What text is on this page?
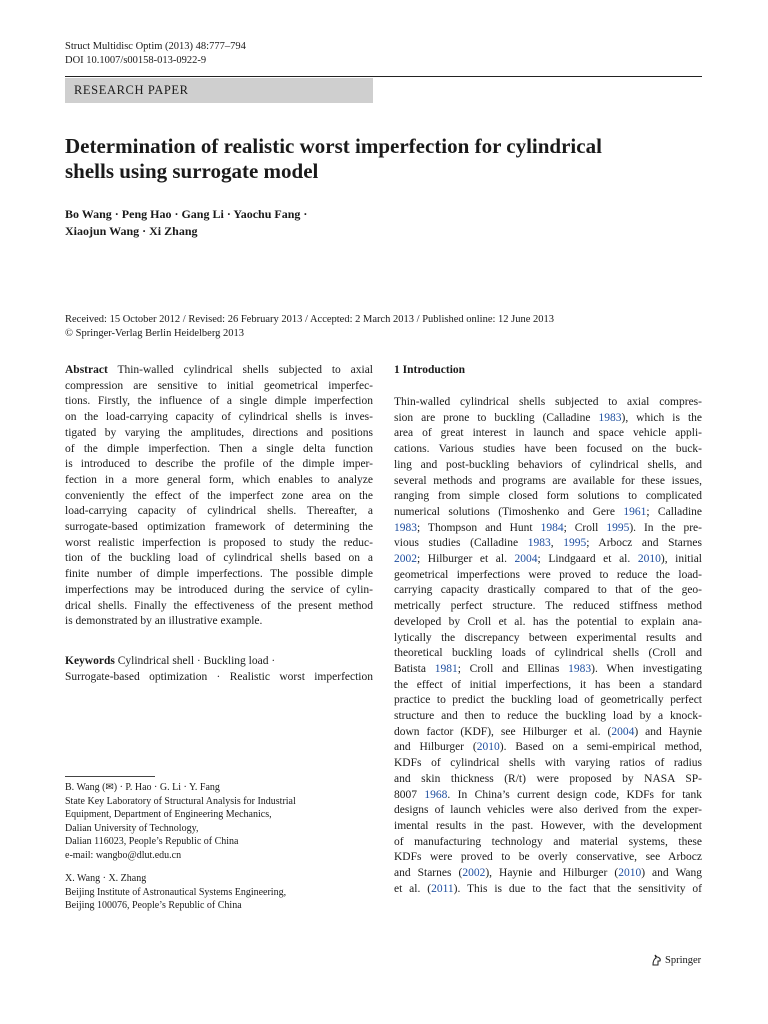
Struct Multidisc Optim (2013) 48:777–794
DOI 10.1007/s00158-013-0922-9
RESEARCH PAPER
Determination of realistic worst imperfection for cylindrical
shells using surrogate model
Bo Wang · Peng Hao · Gang Li · Yaochu Fang ·
Xiaojun Wang · Xi Zhang
Received: 15 October 2012 / Revised: 26 February 2013 / Accepted: 2 March 2013 / Published online: 12 June 2013
© Springer-Verlag Berlin Heidelberg 2013
Abstract Thin-walled cylindrical shells subjected to axial
compression are sensitive to initial geometrical imperfec-
tions. Firstly, the influence of a single dimple imperfection
on the load-carrying capacity of cylindrical shells is inves-
tigated by varying the amplitudes, directions and positions
of the dimple imperfection. Then a single delta function
is introduced to describe the profile of the dimple imper-
fection in a more general form, which enables to analyze
conveniently the effect of the imperfect zone area on the
load-carrying capacity of cylindrical shells. Thereafter, a
surrogate-based optimization framework of determining the
worst realistic imperfection is proposed to study the reduc-
tion of the buckling load of cylindrical shells based on a
finite number of dimple imperfections. The possible dimple
imperfections may be introduced during the service of cylin-
drical shells. Finally the effectiveness of the present method
is demonstrated by an illustrative example.
Keywords Cylindrical shell · Buckling load ·
Surrogate-based optimization · Realistic worst imperfection
B. Wang (✉) · P. Hao · G. Li · Y. Fang
State Key Laboratory of Structural Analysis for Industrial
Equipment, Department of Engineering Mechanics,
Dalian University of Technology,
Dalian 116023, People’s Republic of China
e-mail: wangbo@dlut.edu.cn
X. Wang · X. Zhang
Beijing Institute of Astronautical Systems Engineering,
Beijing 100076, People’s Republic of China
1 Introduction
Thin-walled cylindrical shells subjected to axial compres-
sion are prone to buckling (Calladine 1983), which is the
area of great interest in launch and space vehicle appli-
cations. Various studies have been focused on the buck-
ling and post-buckling behaviors of cylindrical shells, and
several methods and programs are available for these issues,
ranging from simple closed form solutions to complicated
numerical solutions (Timoshenko and Gere 1961; Calladine
1983; Thompson and Hunt 1984; Croll 1995). In the pre-
vious studies (Calladine 1983, 1995; Arbocz and Starnes
2002; Hilburger et al. 2004; Lindgaard et al. 2010), initial
geometrical imperfections were proved to reduce the load-
carrying capacity drastically compared to that of the geo-
metrically perfect structure. The reduced stiffness method
developed by Croll et al. has the potential to explain ana-
lytically the discrepancy between experimental results and
theoretical buckling loads of cylindrical shells (Croll and
Batista 1981; Croll and Ellinas 1983). When investigating
the effect of initial imperfections, it has been a standard
practice to predict the buckling load of geometrically perfect
structure and then to reduce the buckling load by a knock-
down factor (KDF), see Hilburger et al. (2004) and Haynie
and Hilburger (2010). Based on a semi-empirical method,
KDFs of cylindrical shells with varying ratios of radius
and skin thickness (R/t) were proposed by NASA SP-
8007 1968. In China’s current design code, KDFs for tank
designs of launch vehicles were also derived from the exper-
imental results in the past. However, with the development
of manufacturing technology and material systems, these
KDFs were proved to be overly conservative, see Arbocz
and Starnes (2002), Haynie and Hilburger (2010) and Wang
et al. (2011). This is due to the fact that the sensitivity of
Springer
